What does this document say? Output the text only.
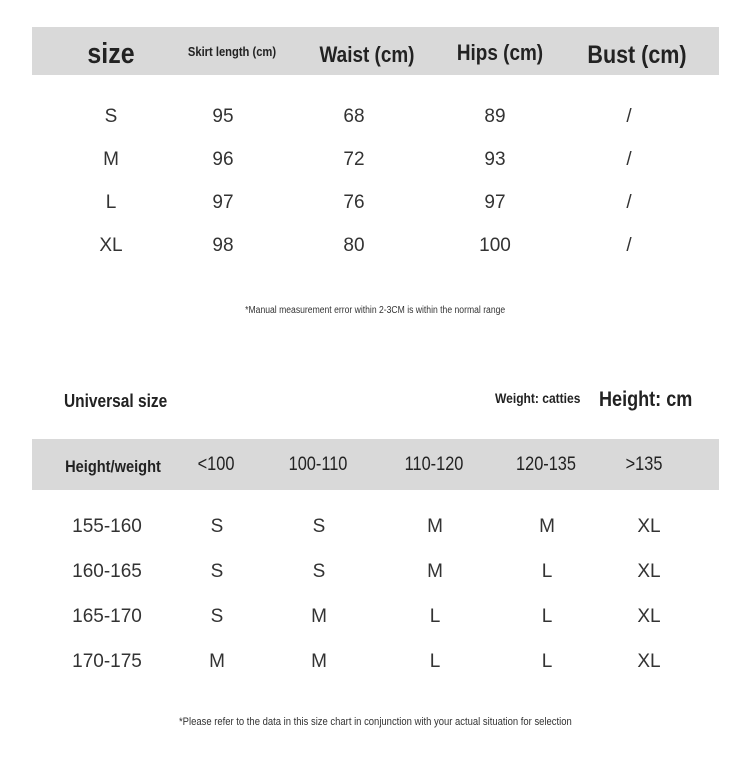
size	Skirt length (cm)	Waist (cm)	Hips (cm)	Bust (cm)
S	95	68	89	/
M	96	72	93	/
L	97	76	97	/
XL	98	80	100	/
*Manual measurement error within 2-3CM is within the normal range
Universal size	Weight: catties Height: cm
Height/weight	<100	100-110	110-120	120-135	>135
155-160	S	S	M	M	XL
160-165	S	S	M	L	XL
165-170	S	M	L	L	XL
170-175	M	M	L	L	XL
*Please refer to the data in this size chart in conjunction with your actual situation for selection
